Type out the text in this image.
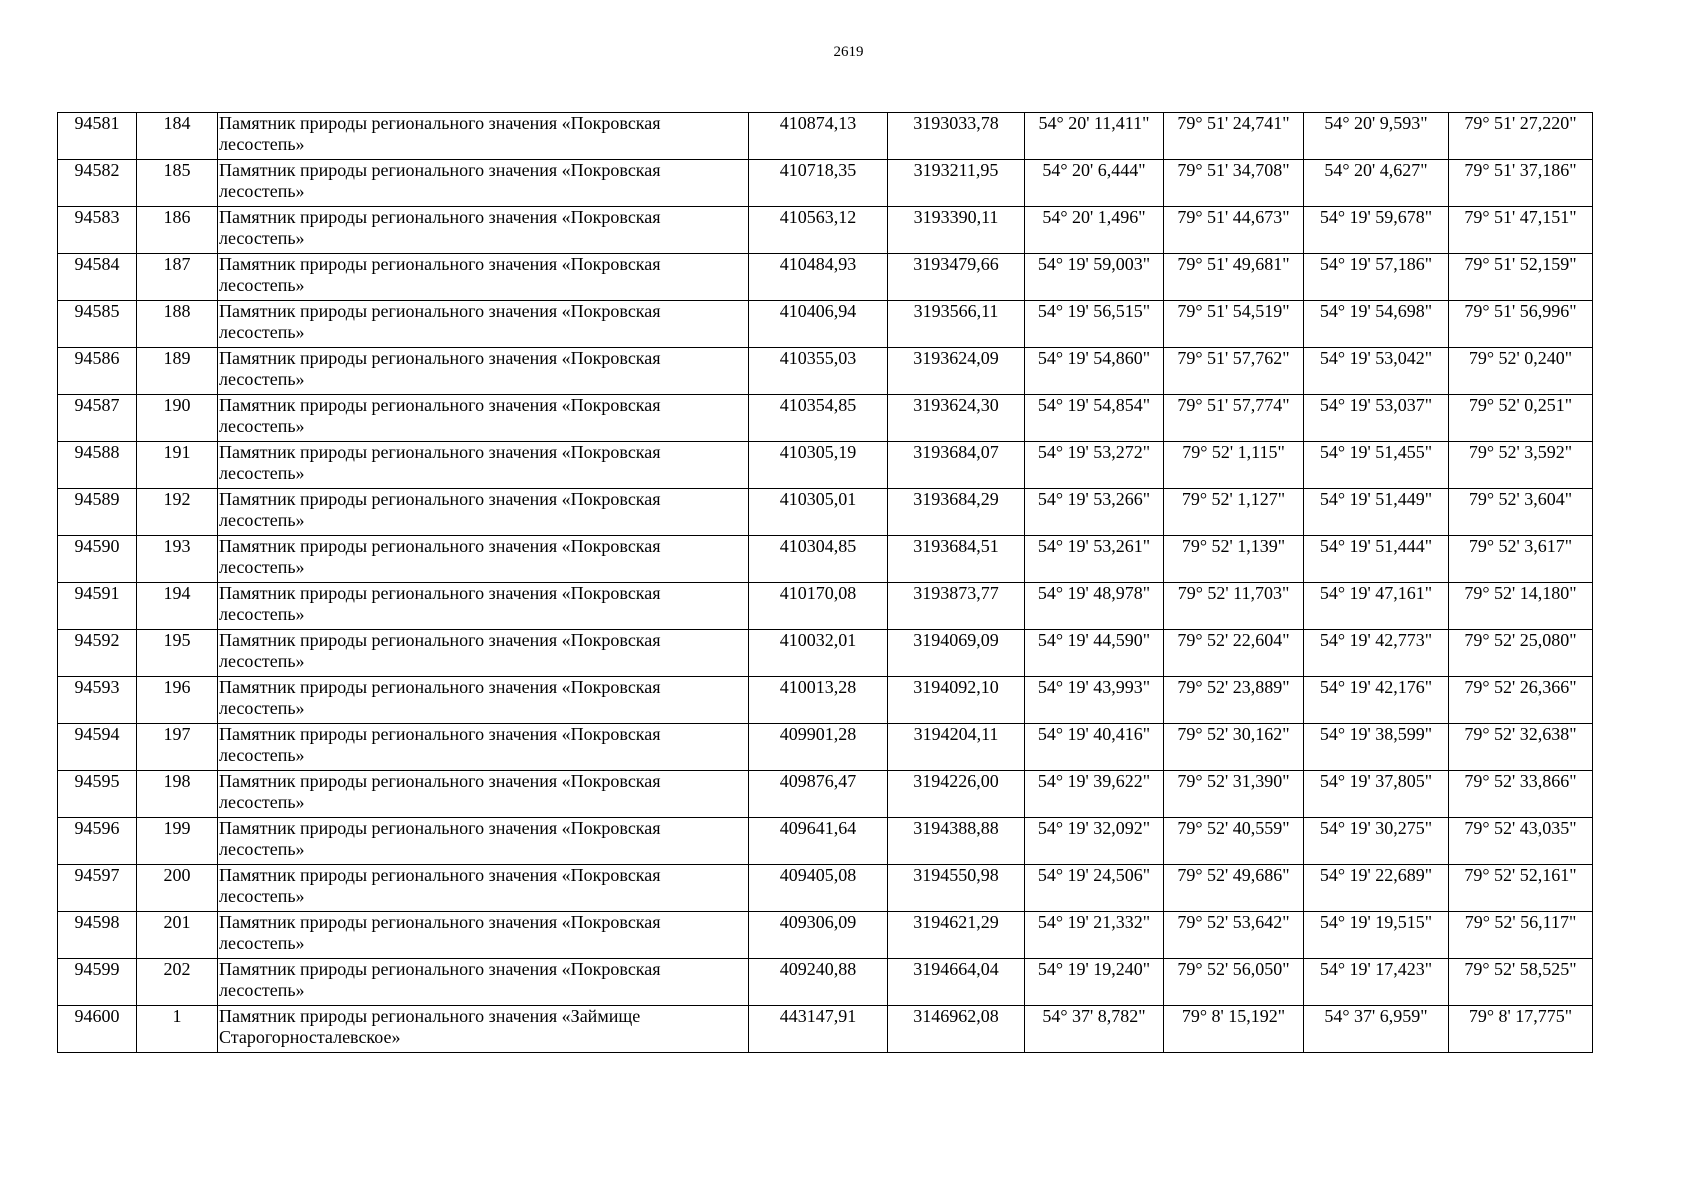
2619
94581	184	Памятник природы регионального значения «Покровская лесостепь»	410874,13	3193033,78	54° 20' 11,411"	79° 51' 24,741"	54° 20' 9,593"	79° 51' 27,220"
94582	185	Памятник природы регионального значения «Покровская лесостепь»	410718,35	3193211,95	54° 20' 6,444"	79° 51' 34,708"	54° 20' 4,627"	79° 51' 37,186"
94583	186	Памятник природы регионального значения «Покровская лесостепь»	410563,12	3193390,11	54° 20' 1,496"	79° 51' 44,673"	54° 19' 59,678"	79° 51' 47,151"
94584	187	Памятник природы регионального значения «Покровская лесостепь»	410484,93	3193479,66	54° 19' 59,003"	79° 51' 49,681"	54° 19' 57,186"	79° 51' 52,159"
94585	188	Памятник природы регионального значения «Покровская лесостепь»	410406,94	3193566,11	54° 19' 56,515"	79° 51' 54,519"	54° 19' 54,698"	79° 51' 56,996"
94586	189	Памятник природы регионального значения «Покровская лесостепь»	410355,03	3193624,09	54° 19' 54,860"	79° 51' 57,762"	54° 19' 53,042"	79° 52' 0,240"
94587	190	Памятник природы регионального значения «Покровская лесостепь»	410354,85	3193624,30	54° 19' 54,854"	79° 51' 57,774"	54° 19' 53,037"	79° 52' 0,251"
94588	191	Памятник природы регионального значения «Покровская лесостепь»	410305,19	3193684,07	54° 19' 53,272"	79° 52' 1,115"	54° 19' 51,455"	79° 52' 3,592"
94589	192	Памятник природы регионального значения «Покровская лесостепь»	410305,01	3193684,29	54° 19' 53,266"	79° 52' 1,127"	54° 19' 51,449"	79° 52' 3,604"
94590	193	Памятник природы регионального значения «Покровская лесостепь»	410304,85	3193684,51	54° 19' 53,261"	79° 52' 1,139"	54° 19' 51,444"	79° 52' 3,617"
94591	194	Памятник природы регионального значения «Покровская лесостепь»	410170,08	3193873,77	54° 19' 48,978"	79° 52' 11,703"	54° 19' 47,161"	79° 52' 14,180"
94592	195	Памятник природы регионального значения «Покровская лесостепь»	410032,01	3194069,09	54° 19' 44,590"	79° 52' 22,604"	54° 19' 42,773"	79° 52' 25,080"
94593	196	Памятник природы регионального значения «Покровская лесостепь»	410013,28	3194092,10	54° 19' 43,993"	79° 52' 23,889"	54° 19' 42,176"	79° 52' 26,366"
94594	197	Памятник природы регионального значения «Покровская лесостепь»	409901,28	3194204,11	54° 19' 40,416"	79° 52' 30,162"	54° 19' 38,599"	79° 52' 32,638"
94595	198	Памятник природы регионального значения «Покровская лесостепь»	409876,47	3194226,00	54° 19' 39,622"	79° 52' 31,390"	54° 19' 37,805"	79° 52' 33,866"
94596	199	Памятник природы регионального значения «Покровская лесостепь»	409641,64	3194388,88	54° 19' 32,092"	79° 52' 40,559"	54° 19' 30,275"	79° 52' 43,035"
94597	200	Памятник природы регионального значения «Покровская лесостепь»	409405,08	3194550,98	54° 19' 24,506"	79° 52' 49,686"	54° 19' 22,689"	79° 52' 52,161"
94598	201	Памятник природы регионального значения «Покровская лесостепь»	409306,09	3194621,29	54° 19' 21,332"	79° 52' 53,642"	54° 19' 19,515"	79° 52' 56,117"
94599	202	Памятник природы регионального значения «Покровская лесостепь»	409240,88	3194664,04	54° 19' 19,240"	79° 52' 56,050"	54° 19' 17,423"	79° 52' 58,525"
94600	1	Памятник природы регионального значения «Займище Старогорносталевское»	443147,91	3146962,08	54° 37' 8,782"	79° 8' 15,192"	54° 37' 6,959"	79° 8' 17,775"
